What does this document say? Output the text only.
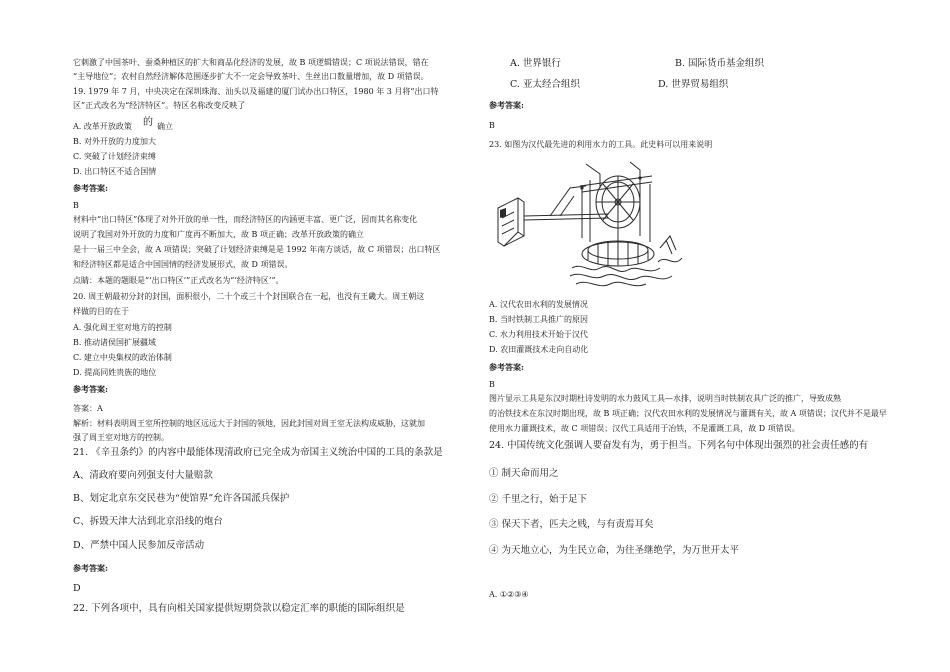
它刺激了中国茶叶、蚕桑种植区的扩大和商品化经济的发展，故 B 项逻辑错误；C 项说法错误，错在
“主导地位”；农村自然经济解体范围逐步扩大不一定会导致茶叶、生丝出口数量增加，故 D 项错误。
19. 1979 年 7 月，中央决定在深圳珠海、汕头以及福建的厦门试办出口特区，1980 年 3 月将“出口特
区”正式改名为“经济特区”。特区名称改变反映了
A. 改革开放政策 的 确立
B. 对外开放的力度加大
C. 突破了计划经济束缚
D. 出口特区不适合国情
参考答案:
B
材料中“出口特区”体现了对外开放的单一性，而经济特区的内涵更丰富、更广泛，因而其名称变化
说明了我国对外开放的力度和广度再不断加大，故 B 项正确；改革开放政策的确立
是十一届三中全会，故 A 项错误；突破了计划经济束缚是是 1992 年南方谈话，故 C 项错误；出口特区
和经济特区都是适合中国国情的经济发展形式，故 D 项错误。
点睛：本题的题眼是“‘出口特区’”正式改名为“‘经济特区’”。
20. 周王朝最初分封的封国，面积很小，二十个或三十个封国联合在一起，也没有王畿大。周王朝这
样做的目的在于
A. 强化周王室对地方的控制
B. 推动诸侯国扩展疆域
C. 建立中央集权的政治体制
D. 提高同姓贵族的地位
参考答案:
答案：A
解析：材料表明周王室所控制的地区远远大于封国的领地，因此封国对周王室无法构成威胁，这就加
强了周王室对地方的控制。
21. 《辛丑条约》的内容中最能体现清政府已完全成为帝国主义统治中国的工具的条款是
A、清政府要向列强支付大量赔款
B、划定北京东交民巷为“使馆界”允许各国派兵保护
C、拆毁天津大沽到北京沿线的炮台
D、严禁中国人民参加反帝活动
参考答案:
D
22. 下列各项中，具有向相关国家提供短期贷款以稳定汇率的职能的国际组织是
A. 世界银行	B. 国际货币基金组织
C. 亚太经合组织	D. 世界贸易组织
参考答案:
B
23. 如图为汉代最先进的利用水力的工具。此史料可以用来说明
A. 汉代农田水利的发展情况
B. 当时铁制工具推广的原因
C. 水力利用技术开始于汉代
D. 农田灌溉技术走向自动化
参考答案:
B
图片显示工具是东汉时期杜诗发明的水力鼓风工具—水排，说明当时铁制农具广泛的推广，导致成熟
的冶铁技术在东汉时期出现，故 B 项正确；汉代农田水利的发展情况与灌溉有关，故 A 项错误；汉代并不是最早
使用水力灌溉技术，故 C 项错误；汉代工具适用于冶铁，不是灌溉工具，故 D 项错误。
24. 中国传统文化强调人要奋发有为，勇于担当。下列名句中体现出强烈的社会责任感的有
① 制天命而用之
② 千里之行，始于足下
③ 保天下者，匹夫之贱，与有责焉耳矣
④ 为天地立心，为生民立命，为往圣继绝学，为万世开太平
A. ①②③④
